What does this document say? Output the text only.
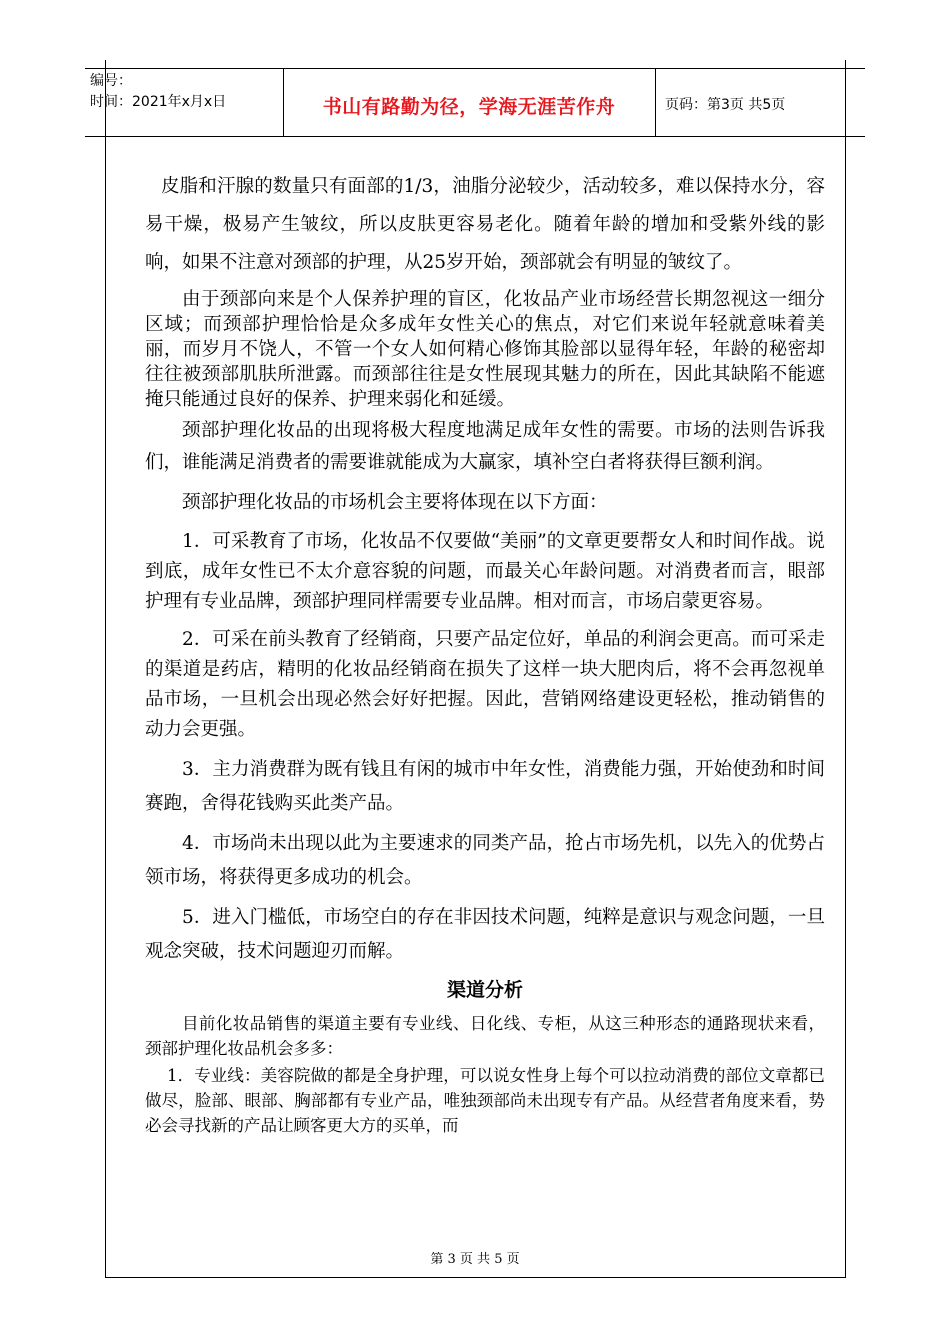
编号：
时间：2021年x月x日	书山有路勤为径，学海无涯苦作舟	页码：第3页 共5页

皮脂和汗腺的数量只有面部的1/3，油脂分泌较少，活动较多，难以保持水分，容易干燥，极易产生皱纹，所以皮肤更容易老化。随着年龄的增加和受紫外线的影响，如果不注意对颈部的护理，从25岁开始，颈部就会有明显的皱纹了。

由于颈部向来是个人保养护理的盲区，化妆品产业市场经营长期忽视这一细分区域；而颈部护理恰恰是众多成年女性关心的焦点，对它们来说年轻就意味着美丽，而岁月不饶人，不管一个女人如何精心修饰其脸部以显得年轻，年龄的秘密却往往被颈部肌肤所泄露。而颈部往往是女性展现其魅力的所在，因此其缺陷不能遮掩只能通过良好的保养、护理来弱化和延缓。

颈部护理化妆品的出现将极大程度地满足成年女性的需要。市场的法则告诉我们，谁能满足消费者的需要谁就能成为大赢家，填补空白者将获得巨额利润。

颈部护理化妆品的市场机会主要将体现在以下方面：

1．可采教育了市场，化妆品不仅要做“美丽”的文章更要帮女人和时间作战。说到底，成年女性已不太介意容貌的问题，而最关心年龄问题。对消费者而言，眼部护理有专业品牌，颈部护理同样需要专业品牌。相对而言，市场启蒙更容易。

2．可采在前头教育了经销商，只要产品定位好，单品的利润会更高。而可采走的渠道是药店，精明的化妆品经销商在损失了这样一块大肥肉后，将不会再忽视单品市场，一旦机会出现必然会好好把握。因此，营销网络建设更轻松，推动销售的动力会更强。

3．主力消费群为既有钱且有闲的城市中年女性，消费能力强，开始使劲和时间赛跑，舍得花钱购买此类产品。

4．市场尚未出现以此为主要速求的同类产品，抢占市场先机，以先入的优势占领市场，将获得更多成功的机会。

5．进入门槛低，市场空白的存在非因技术问题，纯粹是意识与观念问题，一旦观念突破，技术问题迎刃而解。

渠道分析

目前化妆品销售的渠道主要有专业线、日化线、专柜，从这三种形态的通路现状来看，颈部护理化妆品机会多多：

1．专业线：美容院做的都是全身护理，可以说女性身上每个可以拉动消费的部位文章都已做尽，脸部、眼部、胸部都有专业产品，唯独颈部尚未出现专有产品。从经营者角度来看，势必会寻找新的产品让顾客更大方的买单，而

第 3 页 共 5 页
